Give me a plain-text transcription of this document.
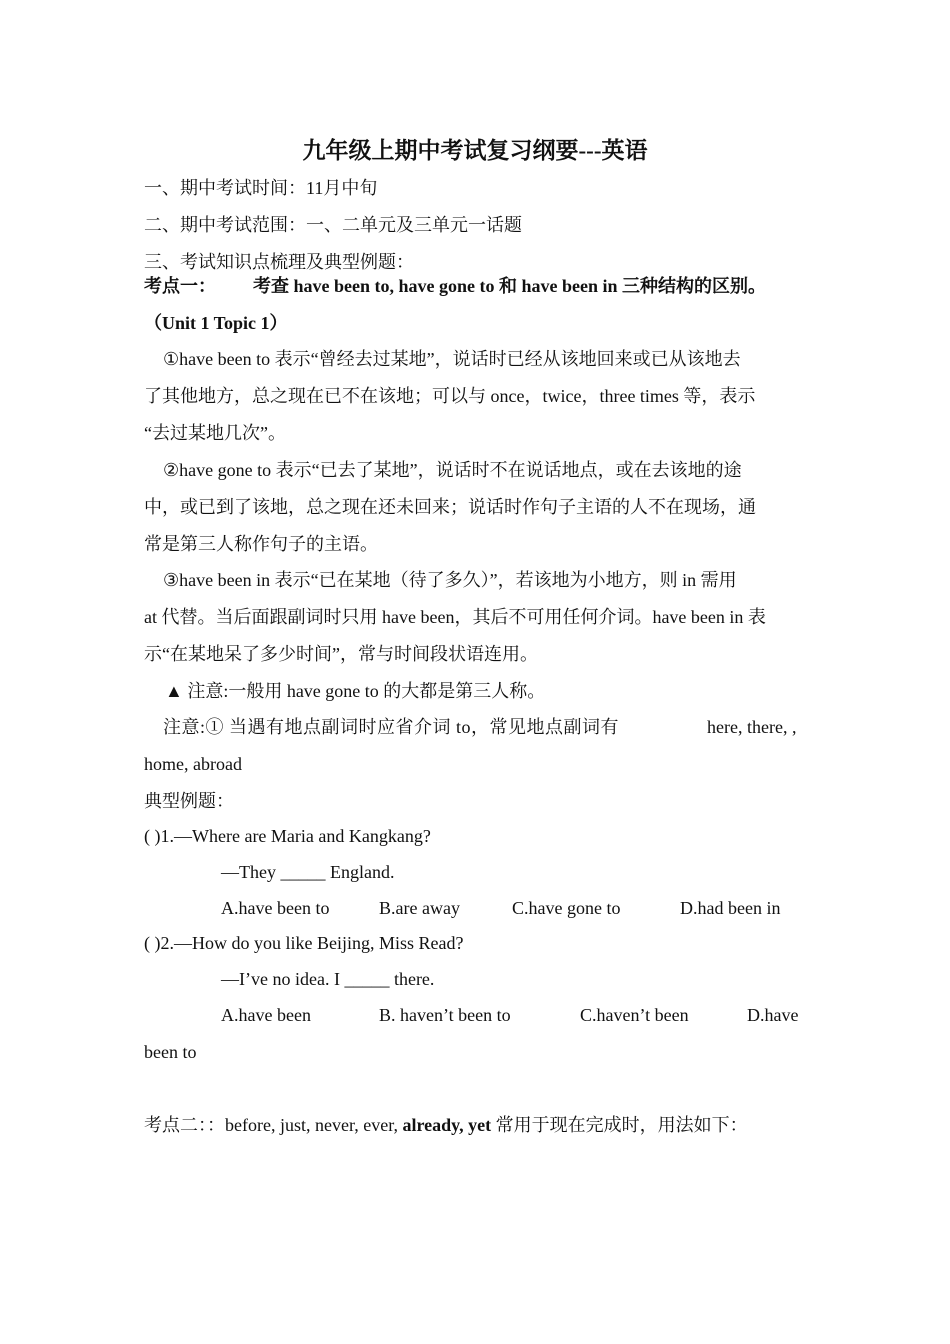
九年级上期中考试复习纲要---英语
一、期中考试时间：11月中旬
二、期中考试范围：一、二单元及三单元一话题
三、考试知识点梳理及典型例题：
考点一： 考查 have been to, have gone to 和 have been in 三种结构的区别。
（Unit 1 Topic 1）
①have been to 表示“曾经去过某地”，说话时已经从该地回来或已从该地去
了其他地方，总之现在已不在该地；可以与 once，twice，three times 等，表示
“去过某地几次”。
②have gone to 表示“已去了某地”，说话时不在说话地点，或在去该地的途
中，或已到了该地，总之现在还未回来；说话时作句子主语的人不在现场，通
常是第三人称作句子的主语。
③have been in 表示“已在某地（待了多久）”，若该地为小地方，则 in 需用
at 代替。当后面跟副词时只用 have been，其后不可用任何介词。have been in 表
示“在某地呆了多少时间”，常与时间段状语连用。
▲ 注意:一般用 have gone to 的大都是第三人称。
注意:① 当遇有地点副词时应省介词 to，常见地点副词有	here, there, ,
home, abroad
典型例题：
( )1.—Where are Maria and Kangkang?
—They _____ England.
A.have been to	B.are away	C.have gone to	D.had been in
( )2.—How do you like Beijing, Miss Read?
—I’ve no idea. I _____ there.
A.have been	B. haven’t been to	C.haven’t been	D.have
been to
考点二：：before, just, never, ever, already, yet 常用于现在完成时，用法如下：
